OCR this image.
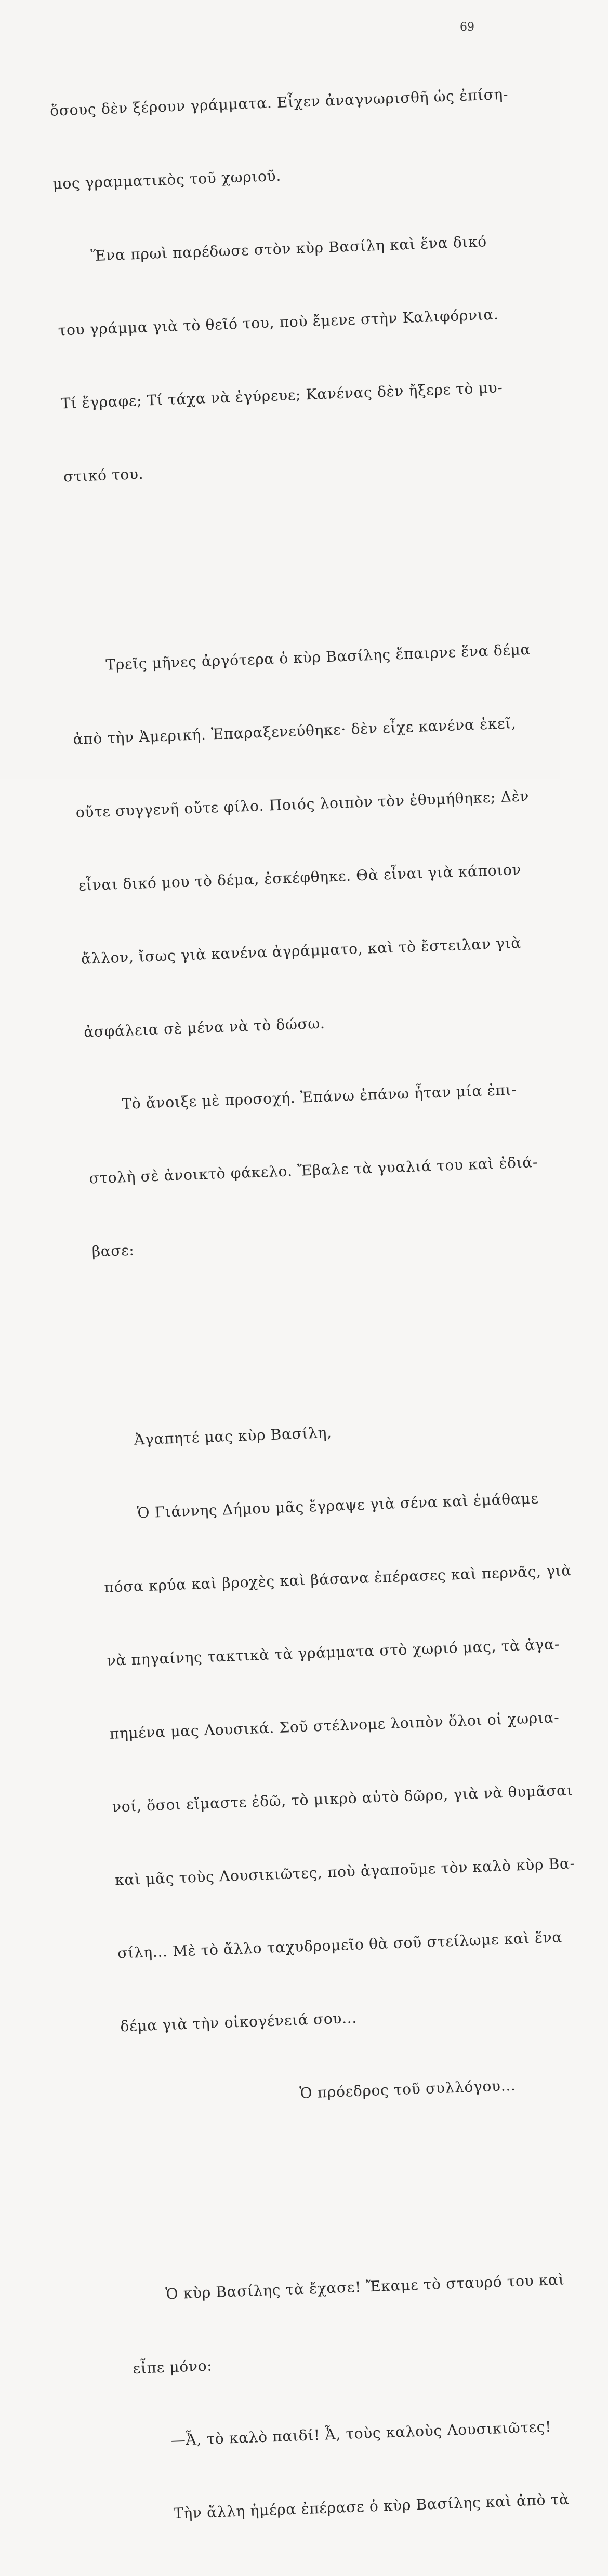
69

ὅσους δὲν ξέρουν γράμματα. Εἶχεν ἀναγνωρισθῆ ὡς ἐπίση-

μος γραμματικὸς τοῦ χωριοῦ.

Ἕνα πρωὶ παρέδωσε στὸν κὺρ Βασίλη καὶ ἕνα δικό

του γράμμα γιὰ τὸ θεῖό του, ποὺ ἔμενε στὴν Καλιφόρνια.

Τί ἔγραφε; Τί τάχα νὰ ἐγύρευε; Κανένας δὲν ἤξερε τὸ μυ-

στικό του.

Τρεῖς μῆνες ἀργότερα ὁ κὺρ Βασίλης ἔπαιρνε ἕνα δέμα

ἀπὸ τὴν Ἀμερική. Ἐπαραξενεύθηκε· δὲν εἶχε κανένα ἐκεῖ,

οὔτε συγγενῆ οὔτε φίλο. Ποιός λοιπὸν τὸν ἐθυμήθηκε; Δὲν

εἶναι δικό μου τὸ δέμα, ἐσκέφθηκε. Θὰ εἶναι γιὰ κάποιον

ἄλλον, ἴσως γιὰ κανένα ἀγράμματο, καὶ τὸ ἔστειλαν γιὰ

ἀσφάλεια σὲ μένα νὰ τὸ δώσω.

Τὸ ἄνοιξε μὲ προσοχή. Ἐπάνω ἐπάνω ἦταν μία ἐπι-

στολὴ σὲ ἀνοικτὸ φάκελο. Ἔβαλε τὰ γυαλιά του καὶ ἐδιά-

βασε:

Ἀγαπητέ μας κὺρ Βασίλη,

Ὁ Γιάννης Δήμου μᾶς ἔγραψε γιὰ σένα καὶ ἐμάθαμε

πόσα κρύα καὶ βροχὲς καὶ βάσανα ἐπέρασες καὶ περνᾶς, γιὰ

νὰ πηγαίνης τακτικὰ τὰ γράμματα στὸ χωριό μας, τὰ ἀγα-

πημένα μας Λουσικά. Σοῦ στέλνομε λοιπὸν ὅλοι οἱ χωρια-

νοί, ὅσοι εἴμαστε ἐδῶ, τὸ μικρὸ αὐτὸ δῶρο, γιὰ νὰ θυμᾶσαι

καὶ μᾶς τοὺς Λουσικιῶτες, ποὺ ἀγαποῦμε τὸν καλὸ κὺρ Βα-

σίλη... Μὲ τὸ ἄλλο ταχυδρομεῖο θὰ σοῦ στείλωμε καὶ ἕνα

δέμα γιὰ τὴν οἰκογένειά σου...

Ὁ πρόεδρος τοῦ συλλόγου...

Ὁ κὺρ Βασίλης τὰ ἔχασε! Ἔκαμε τὸ σταυρό του καὶ

εἶπε μόνο:

—Ἆ, τὸ καλὸ παιδί! Ἆ, τοὺς καλοὺς Λουσικιῶτες!

Τὴν ἄλλη ἡμέρα ἐπέρασε ὁ κὺρ Βασίλης καὶ ἀπὸ τὰ
